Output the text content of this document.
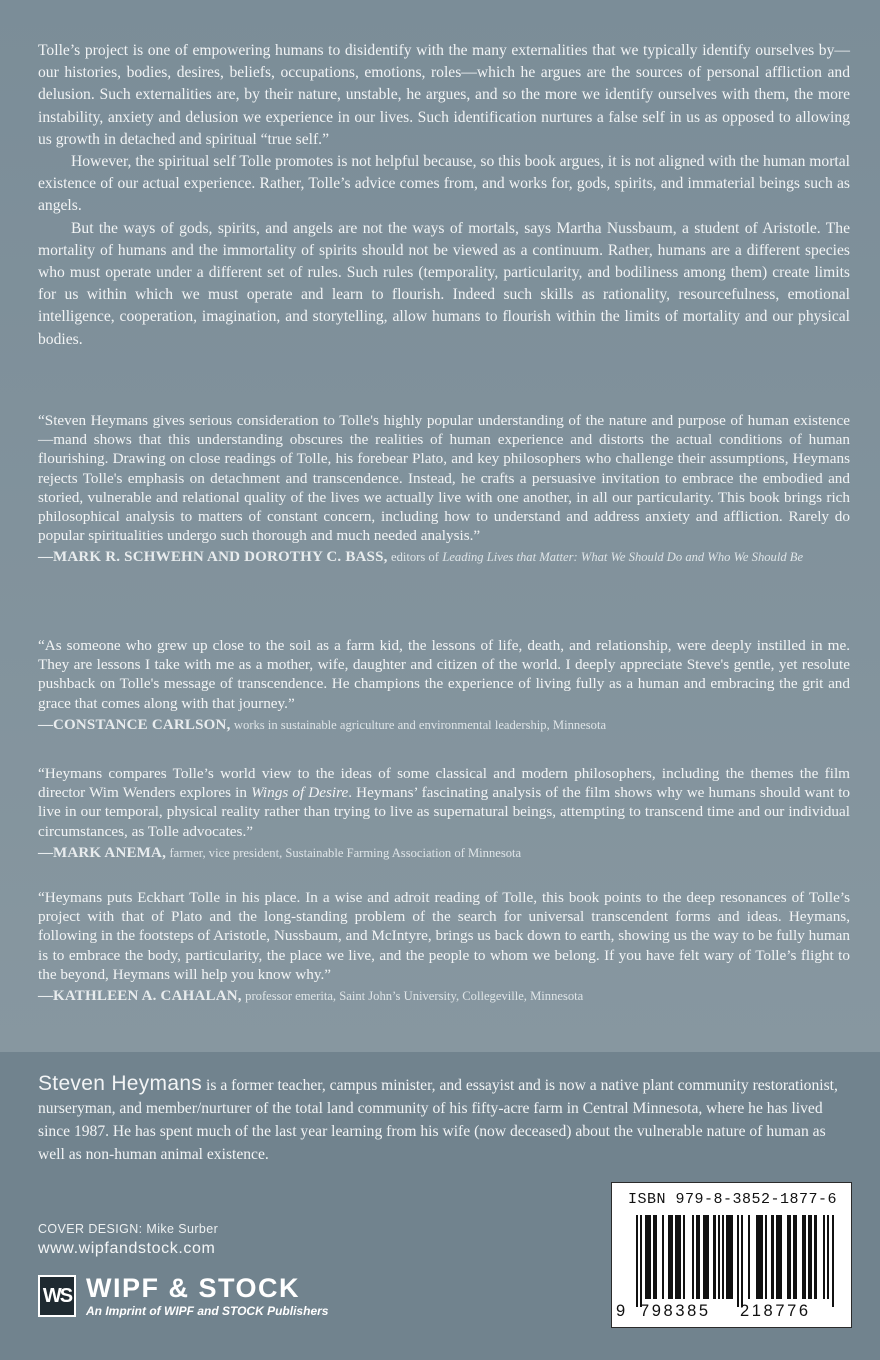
Tolle’s project is one of empowering humans to disidentify with the many externalities that we typically identify ourselves by—our histories, bodies, desires, beliefs, occupations, emotions, roles—which he argues are the sources of personal affliction and delusion. Such externalities are, by their nature, unstable, he argues, and so the more we identify ourselves with them, the more instability, anxiety and delusion we experience in our lives. Such identification nurtures a false self in us as opposed to allowing us growth in detached and spiritual “true self.”

However, the spiritual self Tolle promotes is not helpful because, so this book argues, it is not aligned with the human mortal existence of our actual experience. Rather, Tolle’s advice comes from, and works for, gods, spirits, and immaterial beings such as angels.

But the ways of gods, spirits, and angels are not the ways of mortals, says Martha Nussbaum, a student of Aristotle. The mortality of humans and the immortality of spirits should not be viewed as a continuum. Rather, humans are a different species who must operate under a different set of rules. Such rules (temporality, particularity, and bodiliness among them) create limits for us within which we must operate and learn to flourish. Indeed such skills as rationality, resourcefulness, emotional intelligence, cooperation, imagination, and storytelling, allow humans to flourish within the limits of mortality and our physical bodies.

“Steven Heymans gives serious consideration to Tolle's highly popular understanding of the nature and purpose of human existence—mand shows that this understanding obscures the realities of human experience and distorts the actual conditions of human flourishing. Drawing on close readings of Tolle, his forebear Plato, and key philosophers who challenge their assumptions, Heymans rejects Tolle's emphasis on detachment and transcendence. Instead, he crafts a persuasive invitation to embrace the embodied and storied, vulnerable and relational quality of the lives we actually live with one another, in all our particularity. This book brings rich philosophical analysis to matters of constant concern, including how to understand and address anxiety and affliction. Rarely do popular spiritualities undergo such thorough and much needed analysis.”

—MARK R. SCHWEHN AND DOROTHY C. BASS, editors of Leading Lives that Matter: What We Should Do and Who We Should Be

“As someone who grew up close to the soil as a farm kid, the lessons of life, death, and relationship, were deeply instilled in me. They are lessons I take with me as a mother, wife, daughter and citizen of the world. I deeply appreciate Steve's gentle, yet resolute pushback on Tolle's message of transcendence. He champions the experience of living fully as a human and embracing the grit and grace that comes along with that journey.”

—CONSTANCE CARLSON, works in sustainable agriculture and environmental leadership, Minnesota

“Heymans compares Tolle’s world view to the ideas of some classical and modern philosophers, including the themes the film director Wim Wenders explores in Wings of Desire. Heymans’ fascinating analysis of the film shows why we humans should want to live in our temporal, physical reality rather than trying to live as supernatural beings, attempting to transcend time and our individual circumstances, as Tolle advocates.”

—MARK ANEMA, farmer, vice president, Sustainable Farming Association of Minnesota

“Heymans puts Eckhart Tolle in his place. In a wise and adroit reading of Tolle, this book points to the deep resonances of Tolle’s project with that of Plato and the long-standing problem of the search for universal transcendent forms and ideas. Heymans, following in the footsteps of Aristotle, Nussbaum, and McIntyre, brings us back down to earth, showing us the way to be fully human is to embrace the body, particularity, the place we live, and the people to whom we belong. If you have felt wary of Tolle’s flight to the beyond, Heymans will help you know why.”

—KATHLEEN A. CAHALAN, professor emerita, Saint John’s University, Collegeville, Minnesota
Steven Heymans is a former teacher, campus minister, and essayist and is now a native plant community restorationist, nurseryman, and member/nurturer of the total land community of his fifty-acre farm in Central Minnesota, where he has lived since 1987. He has spent much of the last year learning from his wife (now deceased) about the vulnerable nature of human as well as non-human animal existence.
COVER DESIGN: Mike Surber
www.wipfandstock.com
WS WIPF & STOCK
An Imprint of WIPF and STOCK Publishers
ISBN 979-8-3852-1877-6
9 798385 218776
